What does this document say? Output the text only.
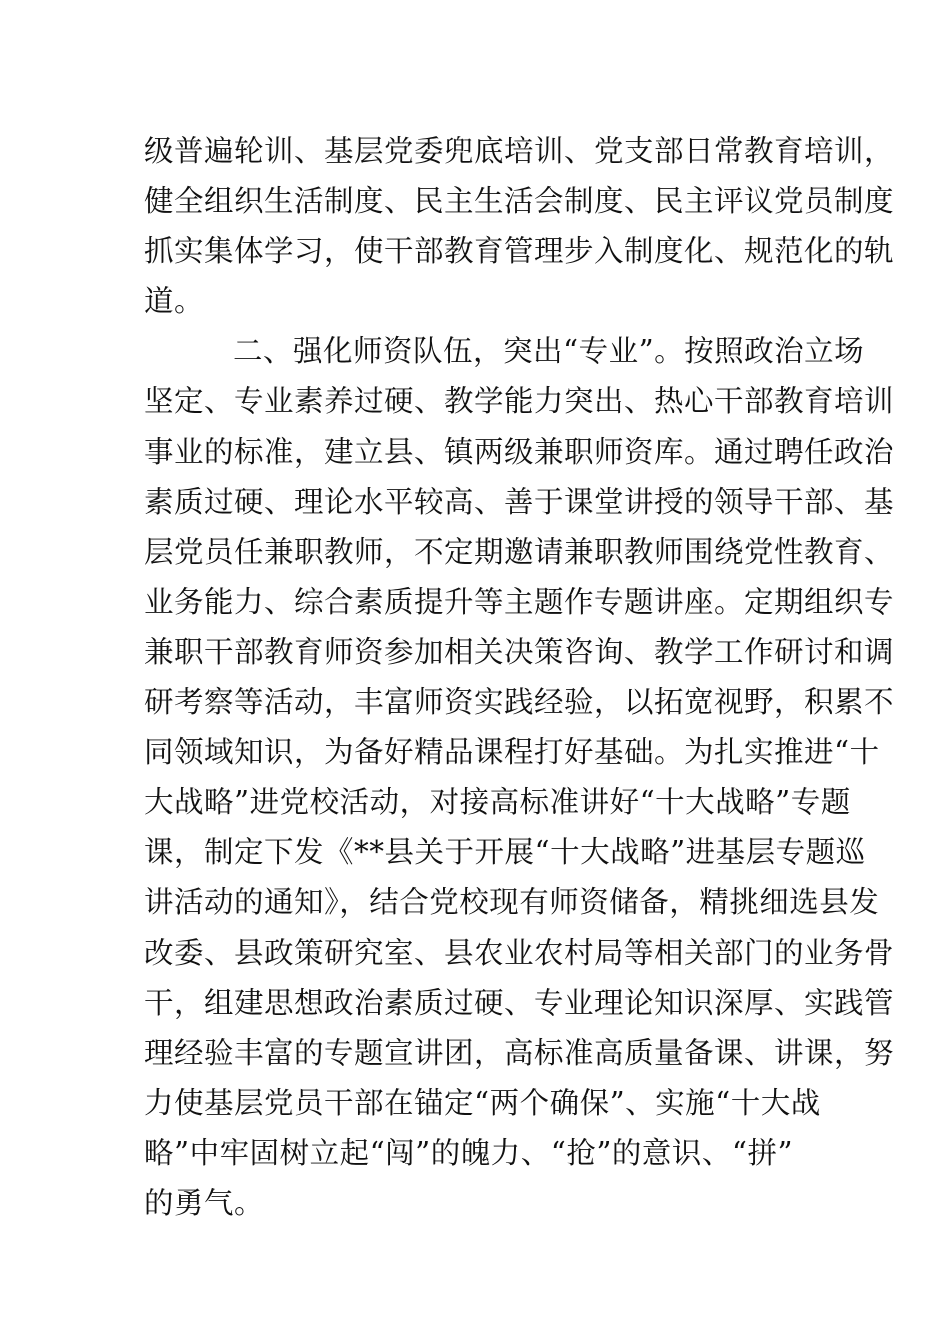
级普遍轮训、基层党委兜底培训、党支部日常教育培训，
健全组织生活制度、民主生活会制度、民主评议党员制度
抓实集体学习，使干部教育管理步入制度化、规范化的轨
道。
二、强化师资队伍，突出“专业”。按照政治立场
坚定、专业素养过硬、教学能力突出、热心干部教育培训
事业的标准，建立县、镇两级兼职师资库。通过聘任政治
素质过硬、理论水平较高、善于课堂讲授的领导干部、基
层党员任兼职教师，不定期邀请兼职教师围绕党性教育、
业务能力、综合素质提升等主题作专题讲座。定期组织专
兼职干部教育师资参加相关决策咨询、教学工作研讨和调
研考察等活动，丰富师资实践经验，以拓宽视野，积累不
同领域知识，为备好精品课程打好基础。为扎实推进“十
大战略”进党校活动，对接高标准讲好“十大战略”专题
课，制定下发《**县关于开展“十大战略”进基层专题巡
讲活动的通知》，结合党校现有师资储备，精挑细选县发
改委、县政策研究室、县农业农村局等相关部门的业务骨
干，组建思想政治素质过硬、专业理论知识深厚、实践管
理经验丰富的专题宣讲团，高标准高质量备课、讲课，努
力使基层党员干部在锚定“两个确保”、实施“十大战
略”中牢固树立起“闯”的魄力、“抢”的意识、“拼”
的勇气。
